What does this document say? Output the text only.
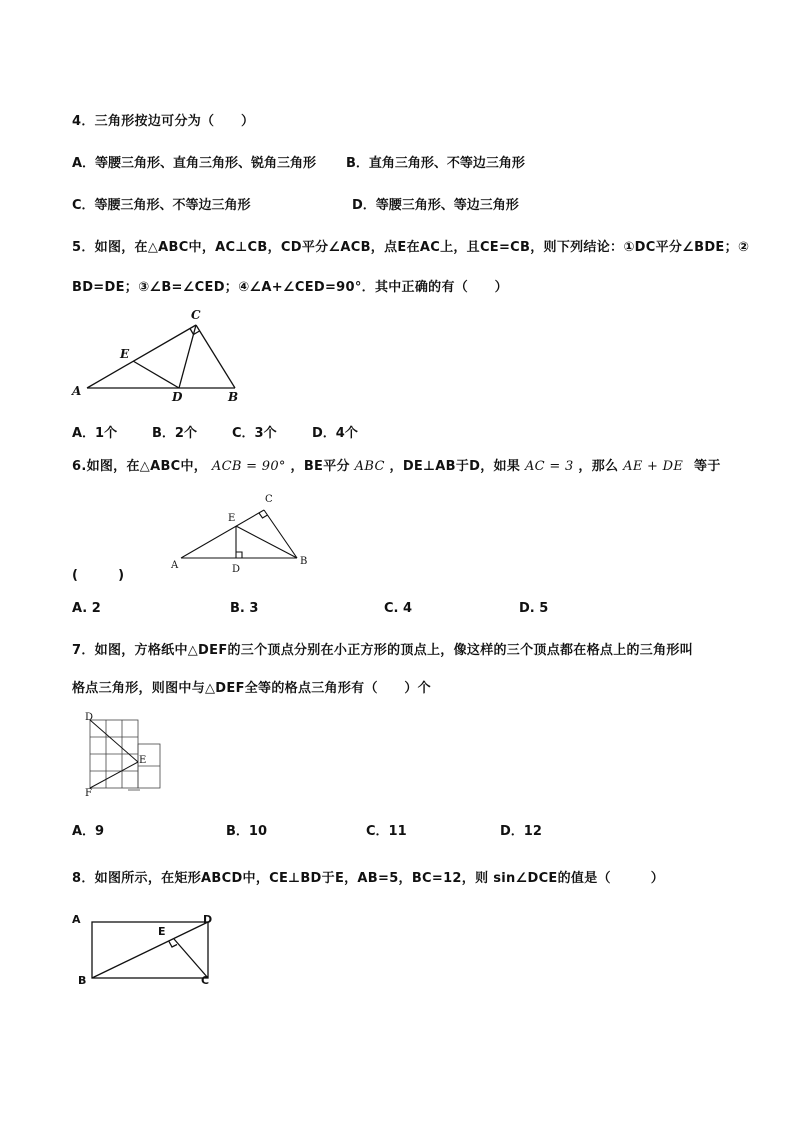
4．三角形按边可分为（　　）
A．等腰三角形、直角三角形、锐角三角形 B．直角三角形、不等边三角形
C．等腰三角形、不等边三角形	D．等腰三角形、等边三角形
5．如图，在△ABC中，AC⊥CB，CD平分∠ACB，点E在AC上，且CE=CB，则下列结论：①DC平分∠BDE；②
BD=DE；③∠B=∠CED；④∠A+∠CED=90°．其中正确的有（　　）
A	B
C
D
E
A．1个	B．2个	C．3个	D．4个
6.如图，在△ABC中， ACB = 90° ，BE平分 ABC ，DE⊥AB于D，如果 AC = 3 ，那么 AE + DE 等于
A	B
C
D
E
(　　　)
A. 2	B. 3	C. 4	D. 5
7．如图，方格纸中△DEF的三个顶点分别在小正方形的顶点上，像这样的三个顶点都在格点上的三角形叫
格点三角形，则图中与△DEF全等的格点三角形有（　　）个
D
E
F
A．9	B．10	C．11	D．12
8．如图所示，在矩形ABCD中，CE⊥BD于E，AB=5，BC=12，则 sin∠DCE的值是（　　　）
A
B	C
D
E
